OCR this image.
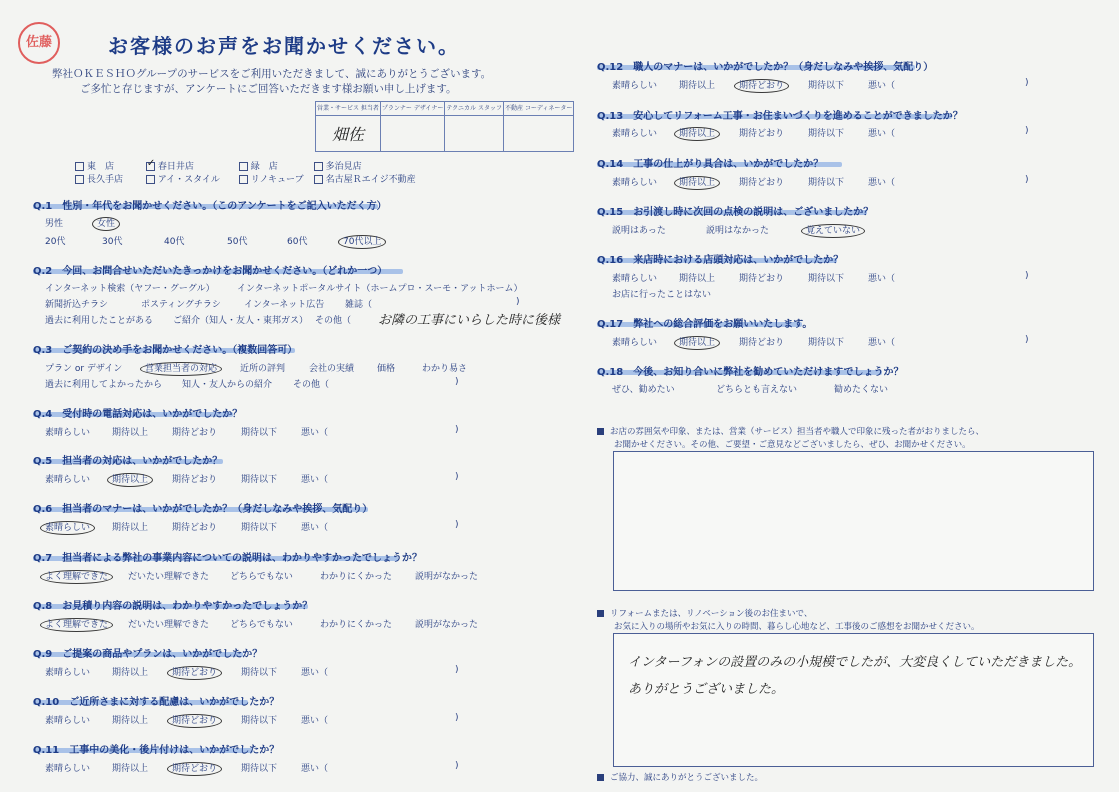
佐藤	お客様のお声をお聞かせください。
弊社ＯＫＥＳＨＯグループのサービスをご利用いただきまして、誠にありがとうございます。
ご多忙と存じますが、アンケートにご回答いただきます様お願い申し上げます。
営業・サービス 担当者	プランナー デザイナー	テクニカル スタッフ	不動産 コーディネーター
畑佐			
東　店	✓ 春日井店	緑　店	多治見店
長久手店	アイ・スタイル	リノキューブ 名古屋Ｒエイジ不動産
Q.1　性別・年代をお聞かせください。（このアンケートをご記入いただく方）
男性	女性
20代	30代	40代	50代	60代	70代以上
Q.2　今回、お問合せいただいたきっかけをお聞かせください。（どれか一つ）
インターネット検索（ヤフー・グーグル） インターネットポータルサイト（ホームプロ・スーモ・アットホーム）
新聞折込チラシ	ポスティングチラシ	インターネット広告 雑誌（	)
過去に利用したことがある ご紹介（知人・友人・東邦ガス） その他（ お隣の工事にいらした時に後様
Q.3　ご契約の決め手をお聞かせください。（複数回答可）
プラン or デザイン	営業担当者の対応	近所の評判	会社の実績	価格	わかり易さ
過去に利用してよかったから 知人・友人からの紹介 その他（	)
Q.4　受付時の電話対応は、いかがでしたか？
素晴らしい 期待以上	期待どおり	期待以下	悪い（	)
Q.5　担当者の対応は、いかがでしたか？
素晴らしい 期待以上	期待どおり	期待以下	悪い（	)
Q.6　担当者のマナーは、いかがでしたか？（身だしなみや挨拶、気配り）
素晴らしい 期待以上	期待どおり	期待以下	悪い（	)
Q.7　担当者による弊社の事業内容についての説明は、わかりやすかったでしょうか？
よく理解できた だいたい理解できた どちらでもない	わかりにくかった	説明がなかった
Q.8　お見積り内容の説明は、わかりやすかったでしょうか？
よく理解できた だいたい理解できた どちらでもない	わかりにくかった	説明がなかった
Q.9　ご提案の商品やプランは、いかがでしたか？
素晴らしい 期待以上	期待どおり	期待以下	悪い（	)
Q.10　ご近所さまに対する配慮は、いかがでしたか？
素晴らしい 期待以上	期待どおり	期待以下	悪い（	)
Q.11　工事中の美化・後片付けは、いかがでしたか？
素晴らしい 期待以上	期待どおり	期待以下	悪い（	)
Q.12　職人のマナーは、いかがでしたか？（身だしなみや挨拶、気配り）
素晴らしい 期待以上	期待どおり	期待以下	悪い（	)
Q.13　安心してリフォーム工事・お住まいづくりを進めることができましたか？
素晴らしい 期待以上	期待どおり	期待以下	悪い（	)
Q.14　工事の仕上がり具合は、いかがでしたか？
素晴らしい 期待以上	期待どおり	期待以下	悪い（	)
Q.15　お引渡し時に次回の点検の説明は、ございましたか？
説明はあった	説明はなかった	覚えていない
Q.16　来店時における店頭対応は、いかがでしたか？
素晴らしい 期待以上	期待どおり	期待以下	悪い（	)
お店に行ったことはない
Q.17　弊社への総合評価をお願いいたします。
素晴らしい 期待以上	期待どおり	期待以下	悪い（	)
Q.18　今後、お知り合いに弊社を勧めていただけますでしょうか？
ぜひ、勧めたい	どちらとも言えない	勧めたくない
お店の雰囲気や印象、または、営業（サービス）担当者や職人で印象に残った者がおりましたら、
お聞かせください。その他、ご要望・ご意見などございましたら、ぜひ、お聞かせください。
リフォームまたは、リノベーション後のお住まいで、
お気に入りの場所やお気に入りの時間、暮らし心地など、工事後のご感想をお聞かせください。
インターフォンの設置のみの小規模でしたが、大変良くしていただきました。
ありがとうございました。
ご協力、誠にありがとうございました。
